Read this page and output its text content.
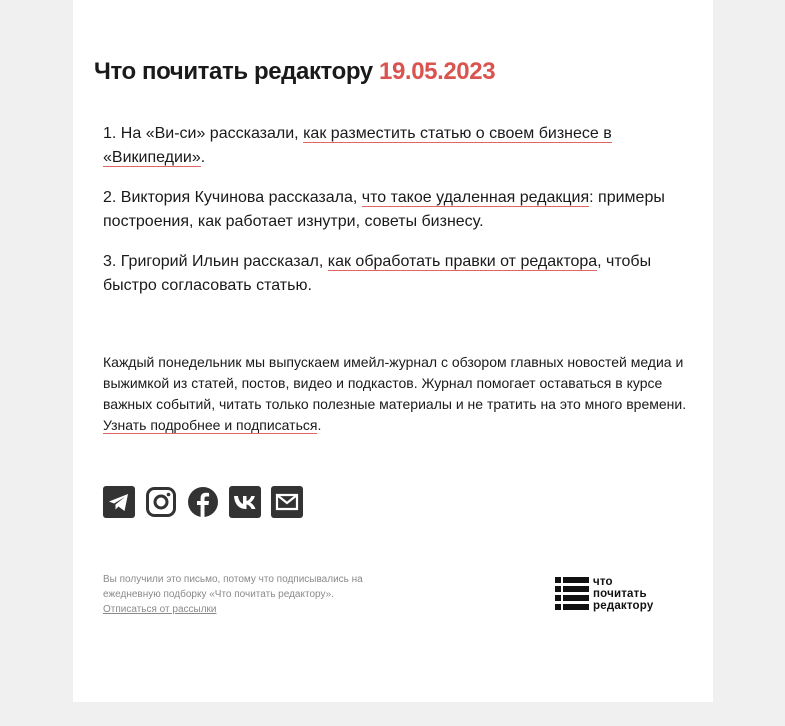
Что почитать редактору 19.05.2023

1. На «Ви-си» рассказали, как разместить статью о своем бизнесе в «Википедии».

2. Виктория Кучинова рассказала, что такое удаленная редакция: примеры построения, как работает изнутри, советы бизнесу.

3. Григорий Ильин рассказал, как обработать правки от редактора, чтобы быстро согласовать статью.

Каждый понедельник мы выпускаем имейл-журнал с обзором главных новостей медиа и выжимкой из статей, постов, видео и подкастов. Журнал помогает оставаться в курсе важных событий, читать только полезные материалы и не тратить на это много времени. Узнать подробнее и подписаться.

Вы получили это письмо, потому что подписывались на ежедневную подборку «Что почитать редактору».
Отписаться от рассылки

что
почитать
редактору
